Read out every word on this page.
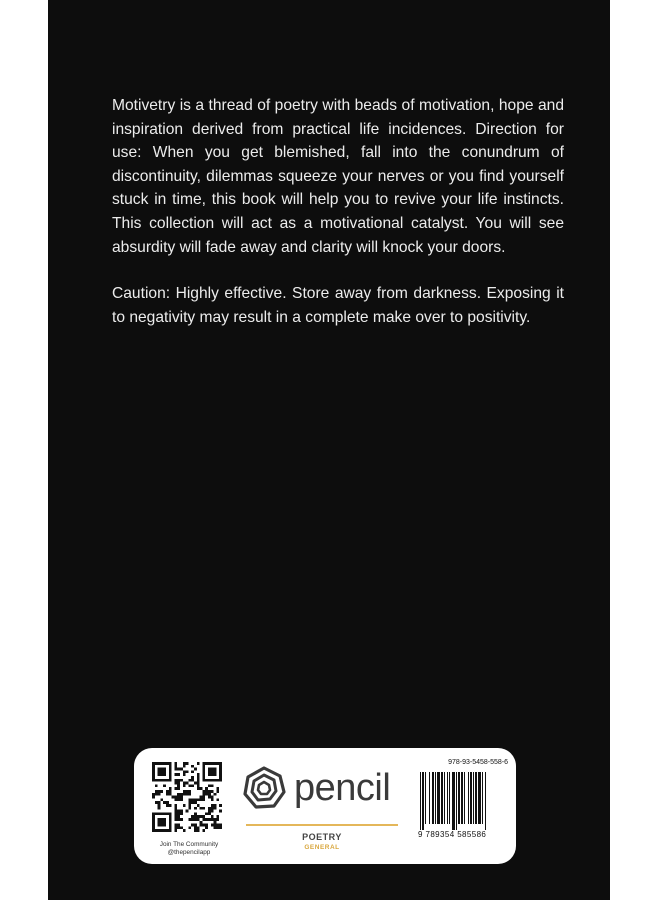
Motivetry is a thread of poetry with beads of motivation, hope and inspiration derived from practical life incidences. Direction for use: When you get blemished, fall into the conundrum of discontinuity, dilemmas squeeze your nerves or you find yourself stuck in time, this book will help you to revive your life instincts. This collection will act as a motivational catalyst. You will see absurdity will fade away and clarity will knock your doors.

Caution: Highly effective. Store away from darkness. Exposing it to negativity may result in a complete make over to positivity.

Join The Community
@thepencilapp
pencil
POETRY
GENERAL
978-93-5458-558-6
9 789354 585586
